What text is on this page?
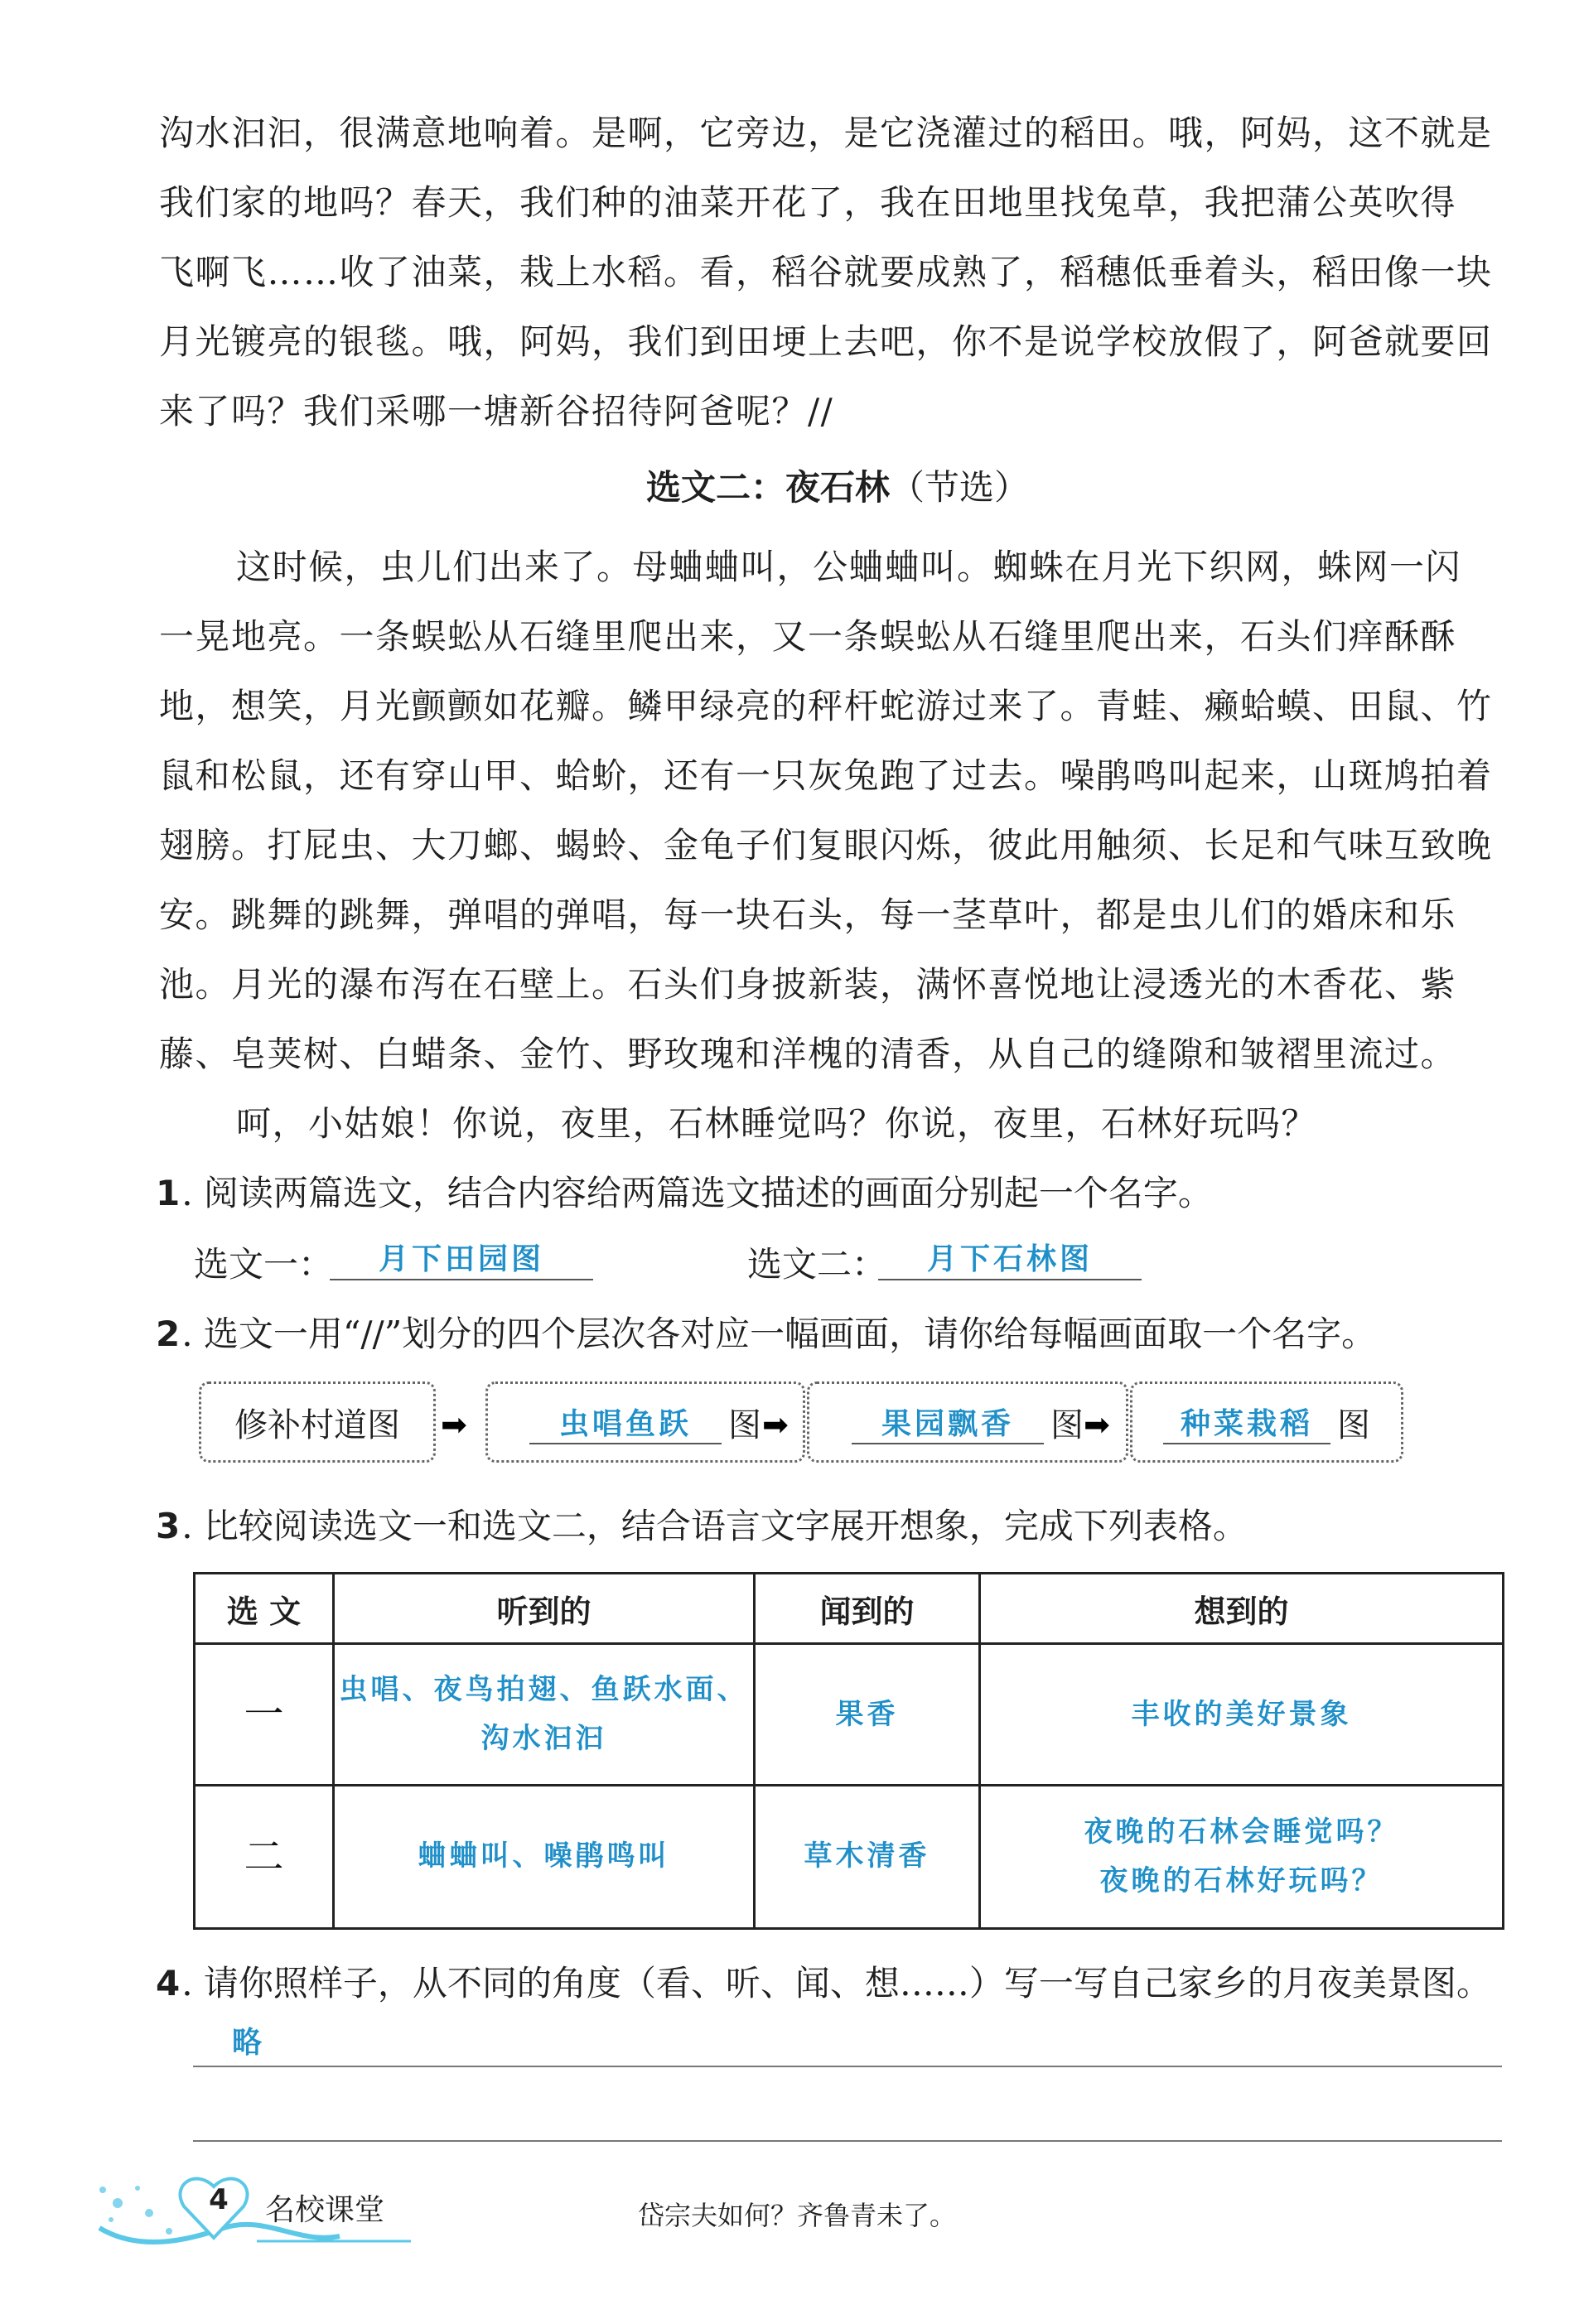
沟水汩汩，很满意地响着。是啊，它旁边，是它浇灌过的稻田。哦，阿妈，这不就是
我们家的地吗？春天，我们种的油菜开花了，我在田地里找兔草，我把蒲公英吹得
飞啊飞……收了油菜，栽上水稻。看，稻谷就要成熟了，稻穗低垂着头，稻田像一块
月光镀亮的银毯。哦，阿妈，我们到田埂上去吧，你不是说学校放假了，阿爸就要回
来了吗？我们采哪一塘新谷招待阿爸呢？//
选文二：夜石林（节选）
这时候，虫儿们出来了。母蛐蛐叫，公蛐蛐叫。蜘蛛在月光下织网，蛛网一闪
一晃地亮。一条蜈蚣从石缝里爬出来，又一条蜈蚣从石缝里爬出来，石头们痒酥酥
地，想笑，月光颤颤如花瓣。鳞甲绿亮的秤杆蛇游过来了。青蛙、癞蛤蟆、田鼠、竹
鼠和松鼠，还有穿山甲、蛤蚧，还有一只灰兔跑了过去。噪鹃鸣叫起来，山斑鸠拍着
翅膀。打屁虫、大刀螂、蝎蛉、金龟子们复眼闪烁，彼此用触须、长足和气味互致晚
安。跳舞的跳舞，弹唱的弹唱，每一块石头，每一茎草叶，都是虫儿们的婚床和乐
池。月光的瀑布泻在石壁上。石头们身披新装，满怀喜悦地让浸透光的木香花、紫
藤、皂荚树、白蜡条、金竹、野玫瑰和洋槐的清香，从自己的缝隙和皱褶里流过。
呵，小姑娘！你说，夜里，石林睡觉吗？你说，夜里，石林好玩吗？
1. 阅读两篇选文，结合内容给两篇选文描述的画面分别起一个名字。
选文一：	月下田园图	选文二：	月下石林图
2. 选文一用“//”划分的四个层次各对应一幅画面，请你给每幅画面取一个名字。
修补村道图 ➡	虫唱鱼跃	图 ➡	果园飘香	图 ➡	种菜栽稻 图
3. 比较阅读选文一和选文二，结合语言文字展开想象，完成下列表格。
选 文	听到的	闻到的	想到的
一	虫唱、夜鸟拍翅、鱼跃水面、
沟水汩汩	果香	丰收的美好景象
二	蛐蛐叫、噪鹃鸣叫	草木清香	夜晚的石林会睡觉吗？
夜晚的石林好玩吗？
4. 请你照样子，从不同的角度（看、听、闻、想……）写一写自己家乡的月夜美景图。
略
4 名校课堂	岱宗夫如何？齐鲁青未了。
